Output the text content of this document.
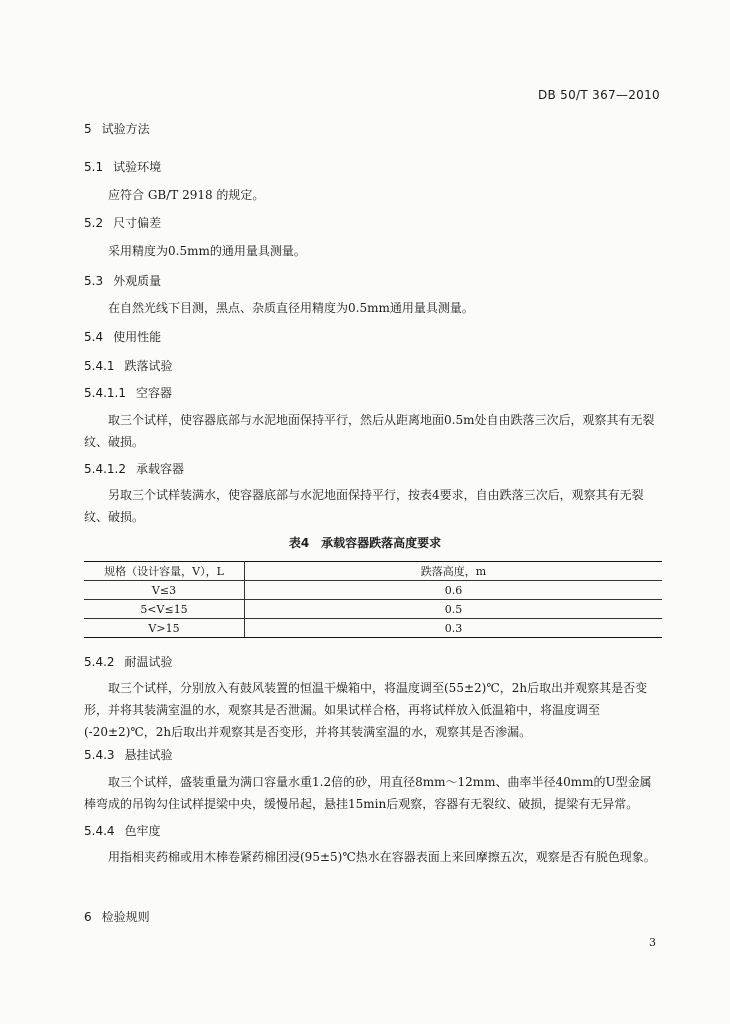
DB 50/T 367—2010
5 试验方法
5.1 试验环境
应符合 GB/T 2918 的规定。
5.2 尺寸偏差
采用精度为0.5mm的通用量具测量。
5.3 外观质量
在自然光线下目测，黑点、杂质直径用精度为0.5mm通用量具测量。
5.4 使用性能
5.4.1 跌落试验
5.4.1.1 空容器

取三个试样，使容器底部与水泥地面保持平行，然后从距离地面0.5m处自由跌落三次后，观察其有无裂纹、破损。

5.4.1.2 承载容器

另取三个试样装满水，使容器底部与水泥地面保持平行，按表4要求，自由跌落三次后，观察其有无裂纹、破损。

表4　承载容器跌落高度要求
规格（设计容量，V），L	跌落高度，m
V≤3	0.6
5<V≤15	0.5
V>15	0.3
5.4.2 耐温试验

取三个试样，分别放入有鼓风装置的恒温干燥箱中，将温度调至(55±2)℃，2h后取出并观察其是否变形，并将其装满室温的水，观察其是否泄漏。如果试样合格，再将试样放入低温箱中，将温度调至(-20±2)℃，2h后取出并观察其是否变形，并将其装满室温的水，观察其是否渗漏。

5.4.3 悬挂试验

取三个试样，盛装重量为满口容量水重1.2倍的砂，用直径8mm～12mm、曲率半径40mm的U型金属棒弯成的吊钩勾住试样提梁中央，缓慢吊起，悬挂15min后观察，容器有无裂纹、破损，提梁有无异常。

5.4.4 色牢度

用指相夹药棉或用木棒卷紧药棉团浸(95±5)℃热水在容器表面上来回摩擦五次，观察是否有脱色现象。

6 检验规则
3
